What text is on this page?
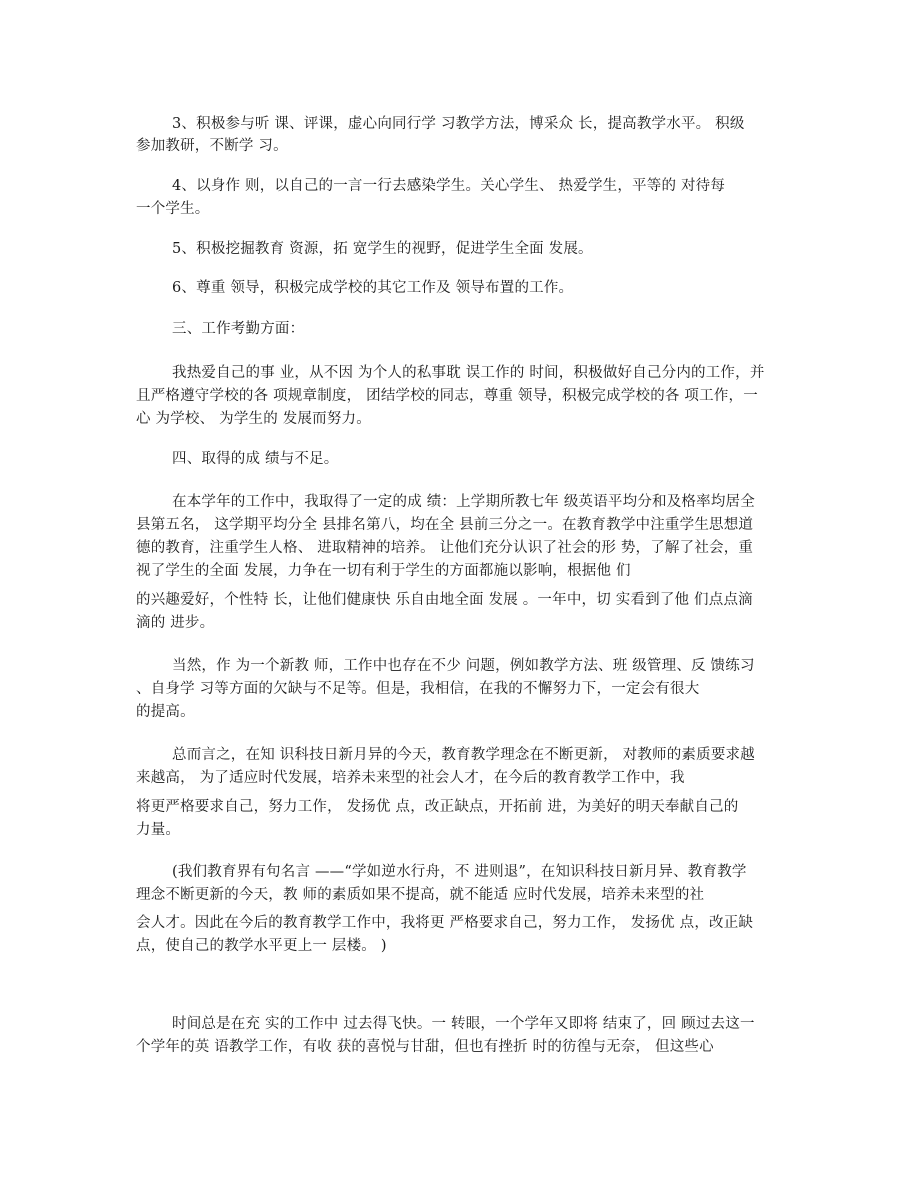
3、积极参与听 课、评课，虚心向同行学 习教学方法，博采众 长，提高教学水平。 积级
参加教研，不断学 习。
4、以身作 则，以自己的一言一行去感染学生。关心学生、 热爱学生，平等的 对待每
一个学生。
5、积极挖掘教育 资源，拓 宽学生的视野，促进学生全面 发展。
6、尊重 领导，积极完成学校的其它工作及 领导布置的工作。
三、工作考勤方面：
我热爱自己的事 业，从不因 为个人的私事耽 误工作的 时间，积极做好自己分内的工作，并
且严格遵守学校的各 项规章制度， 团结学校的同志，尊重 领导，积极完成学校的各 项工作，一
心 为学校、 为学生的 发展而努力。
四、取得的成 绩与不足。
在本学年的工作中，我取得了一定的成 绩：上学期所教七年 级英语平均分和及格率均居全
县第五名， 这学期平均分全 县排名第八，均在全 县前三分之一。在教育教学中注重学生思想道
德的教育，注重学生人格、 进取精神的培养。 让他们充分认识了社会的形 势，了解了社会，重
视了学生的全面 发展，力争在一切有利于学生的方面都施以影响，根据他 们
的兴趣爱好，个性特 长，让他们健康快 乐自由地全面 发展 。一年中，切 实看到了他 们点点滴
滴的 进步。
当然，作 为一个新教 师，工作中也存在不少 问题，例如教学方法、班 级管理、反 馈练习
、自身学 习等方面的欠缺与不足等。但是，我相信，在我的不懈努力下，一定会有很大
的提高。
总而言之，在知 识科技日新月异的今天，教育教学理念在不断更新， 对教师的素质要求越
来越高， 为了适应时代发展，培养未来型的社会人才，在今后的教育教学工作中，我
将更严格要求自己，努力工作， 发扬优 点，改正缺点，开拓前 进，为美好的明天奉献自己的
力量。
(我们教育界有句名言 ——“学如逆水行舟，不 进则退”，在知识科技日新月异、教育教学
理念不断更新的今天，教 师的素质如果不提高，就不能适 应时代发展，培养未来型的社
会人才。因此在今后的教育教学工作中，我将更 严格要求自己，努力工作， 发扬优 点，改正缺
点，使自己的教学水平更上一 层楼。 )
时间总是在充 实的工作中 过去得飞快。一 转眼，一个学年又即将 结束了，回 顾过去这一
个学年的英 语教学工作，有收 获的喜悦与甘甜，但也有挫折 时的彷徨与无奈， 但这些心
